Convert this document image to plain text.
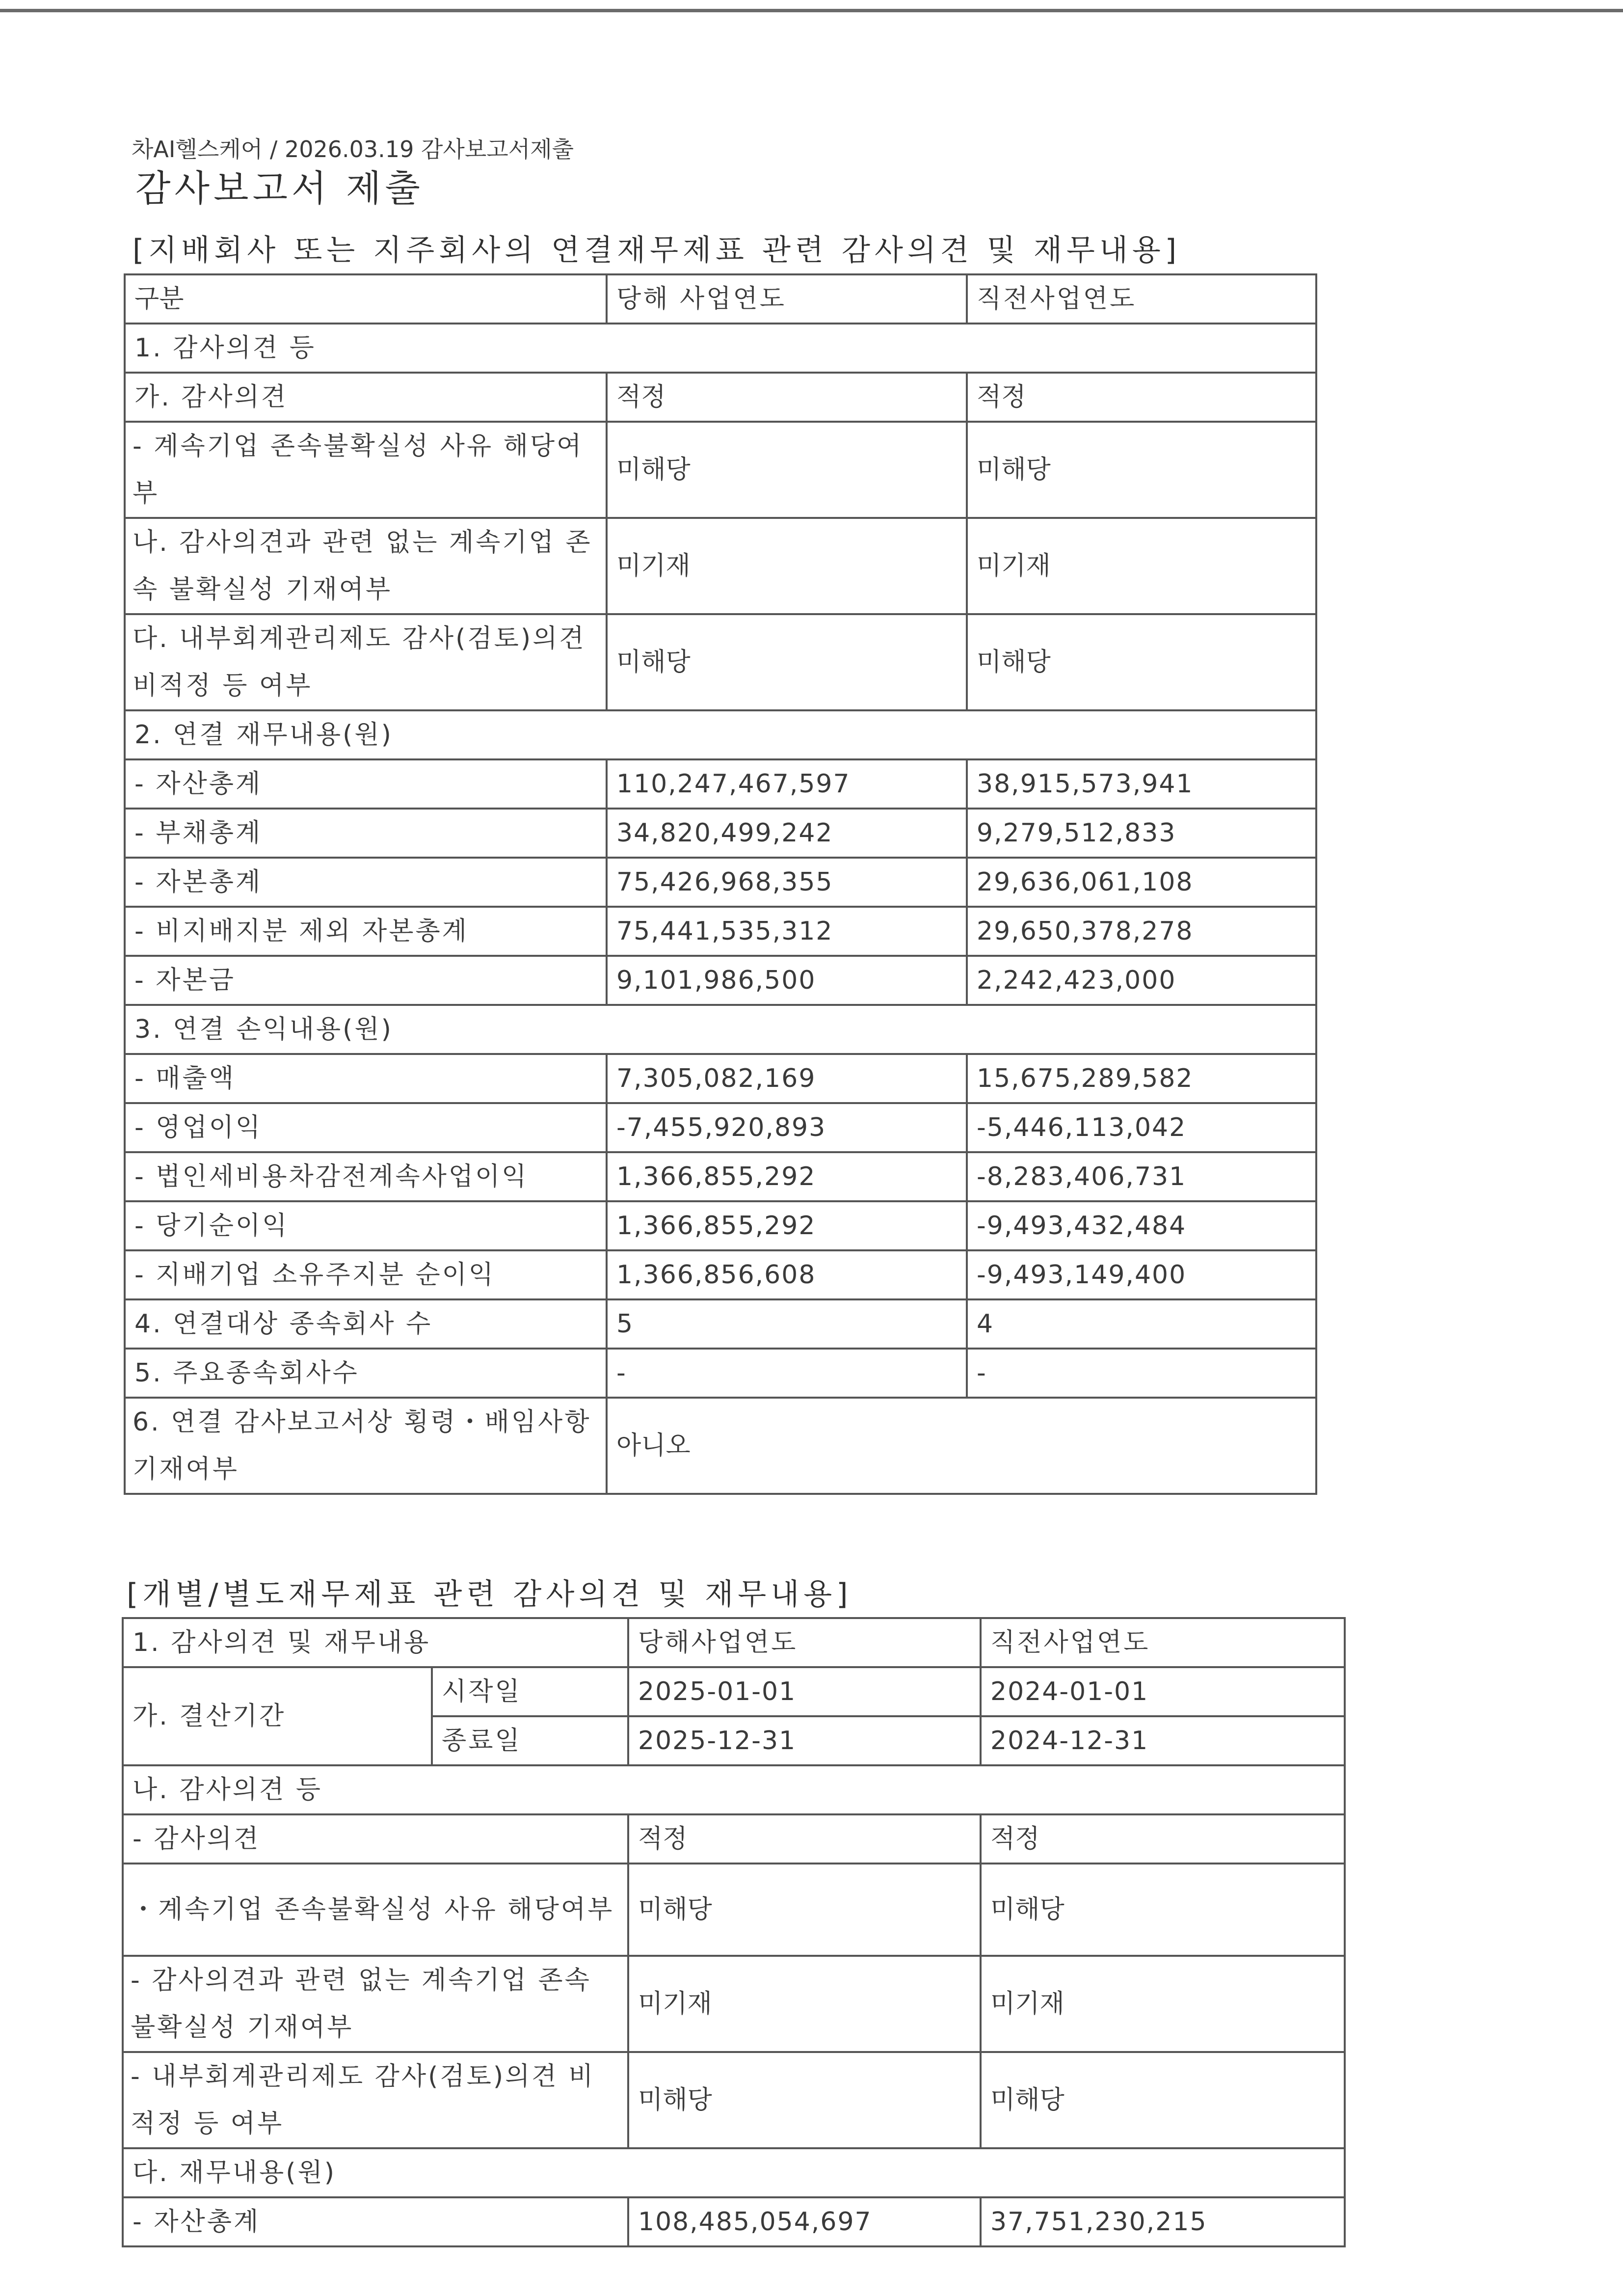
차AI헬스케어 / 2026.03.19 감사보고서제출
감사보고서 제출
[지배회사 또는 지주회사의 연결재무제표 관련 감사의견 및 재무내용]
구분	당해 사업연도	직전사업연도
1. 감사의견 등		
가. 감사의견	적정	적정
- 계속기업 존속불확실성 사유 해당여부	미해당	미해당
나. 감사의견과 관련 없는 계속기업 존속 불확실성 기재여부	미기재	미기재
다. 내부회계관리제도 감사(검토)의견 비적정 등 여부	미해당	미해당
2. 연결 재무내용(원)		
- 자산총계	110,247,467,597	38,915,573,941
- 부채총계	34,820,499,242	9,279,512,833
- 자본총계	75,426,968,355	29,636,061,108
- 비지배지분 제외 자본총계	75,441,535,312	29,650,378,278
- 자본금	9,101,986,500	2,242,423,000
3. 연결 손익내용(원)		
- 매출액	7,305,082,169	15,675,289,582
- 영업이익	-7,455,920,893	-5,446,113,042
- 법인세비용차감전계속사업이익	1,366,855,292	-8,283,406,731
- 당기순이익	1,366,855,292	-9,493,432,484
- 지배기업 소유주지분 순이익	1,366,856,608	-9,493,149,400
4. 연결대상 종속회사 수	5	4
5. 주요종속회사수	-	-
6. 연결 감사보고서상 횡령・배임사항 기재여부	아니오	
[개별/별도재무제표 관련 감사의견 및 재무내용]
1. 감사의견 및 재무내용		당해사업연도	직전사업연도
가. 결산기간	시작일	2025-01-01	2024-01-01
	종료일	2025-12-31	2024-12-31
나. 감사의견 등			
- 감사의견		적정	적정
・계속기업 존속불확실성 사유 해당여부		미해당	미해당
- 감사의견과 관련 없는 계속기업 존속 불확실성 기재여부		미기재	미기재
- 내부회계관리제도 감사(검토)의견 비적정 등 여부		미해당	미해당
다. 재무내용(원)			
- 자산총계		108,485,054,697	37,751,230,215
